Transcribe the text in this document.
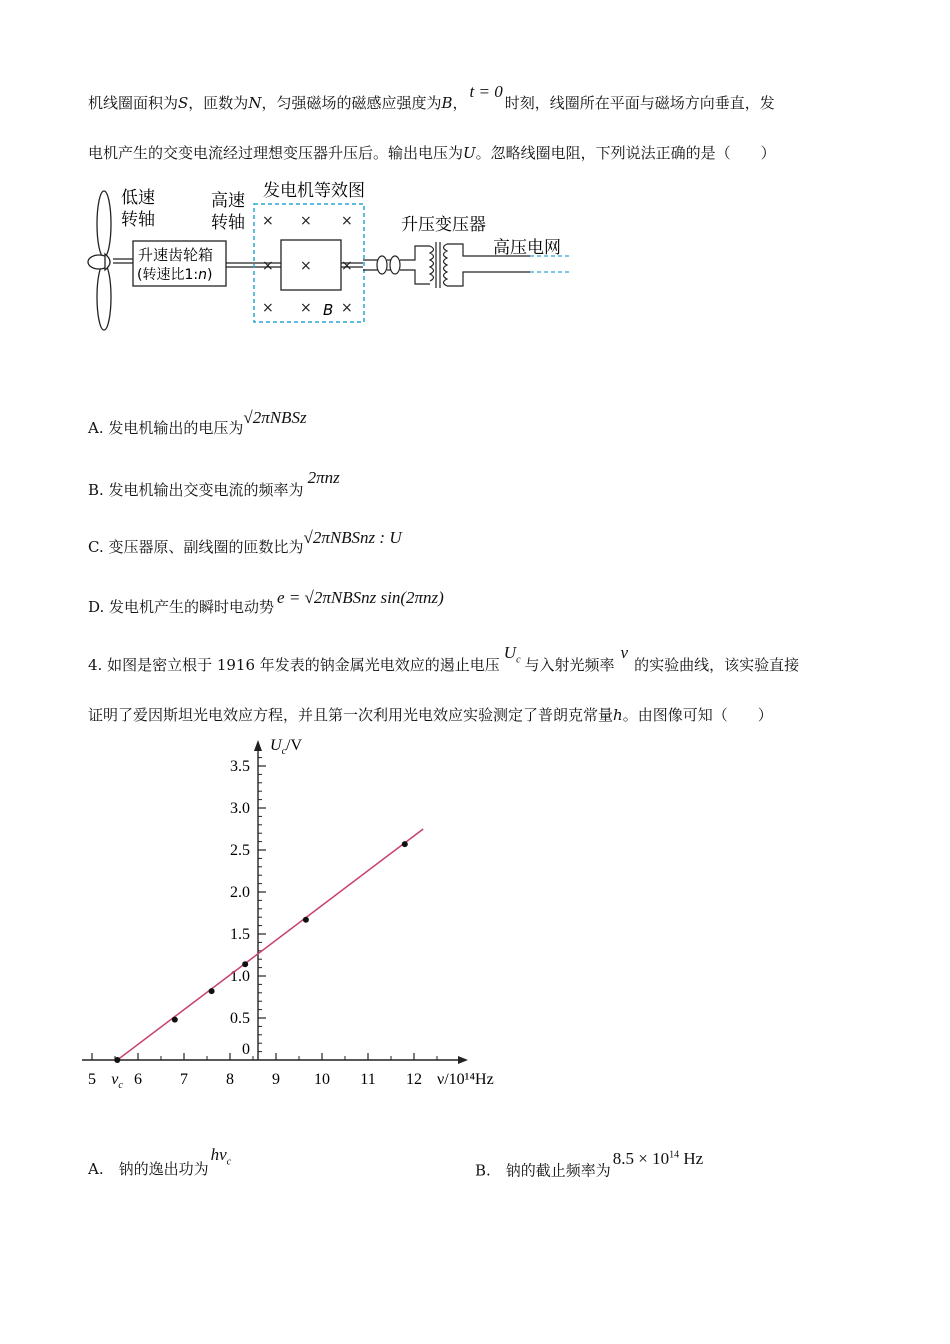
机线圈面积为S，匝数为N，匀强磁场的磁感应强度为B，t = 0时刻，线圈所在平面与磁场方向垂直，发
电机产生的交变电流经过理想变压器升压后。输出电压为U。忽略线圈电阻，下列说法正确的是（　　）
低速
转轴
升速齿轮箱
(转速比1:n)
高速
转轴
发电机等效图
× × ×
× × ×
× × ×
B
升压变压器
高压电网
A. 发电机输出的电压为√2πNBSz
B. 发电机输出交变电流的频率为2πnz
C. 变压器原、副线圈的匝数比为√2πNBSnz : U
D. 发电机产生的瞬时电动势 e = √2πNBSnz sin(2πnz)
4. 如图是密立根于 1916 年发表的钠金属光电效应的遏止电压$U_c$ 与入射光频率ν的实验曲线，该实验直接
证明了爱因斯坦光电效应方程，并且第一次利用光电效应实验测定了普朗克常量h。由图像可知（　　）
5 6 7 8 9 10 11 12
0
0.5
1.0
1.5
2.0
2.5
3.0
3.5
$U_c/V$
ν/10¹⁴Hz
$\nu_c$
A.　钠的逸出功为$h\nu_c$	B.　钠的截止频率为$8.5 \times 10^{14}$ Hz
